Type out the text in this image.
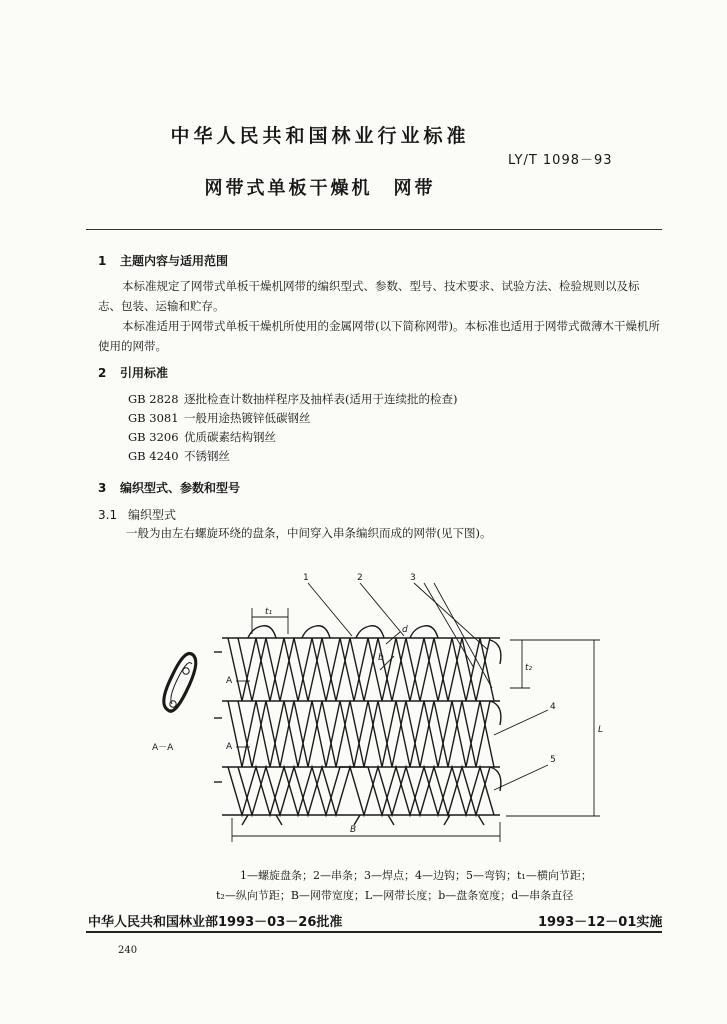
中华人民共和国林业行业标准
LY/T 1098－93
网带式单板干燥机　网带
1 主题内容与适用范围
本标准规定了网带式单板干燥机网带的编织型式、参数、型号、技术要求、试验方法、检验规则以及标志、包装、运输和贮存。
本标准适用于网带式单板干燥机所使用的金属网带(以下简称网带)。本标准也适用于网带式微薄木干燥机所使用的网带。
2 引用标准
GB 2828 逐批检查计数抽样程序及抽样表(适用于连续批的检查)
GB 3081 一般用途热镀锌低碳钢丝
GB 3206 优质碳素结构钢丝
GB 4240 不锈钢丝
3 编织型式、参数和型号
3.1 编织型式
一般为由左右螺旋环绕的盘条，中间穿入串条编织而成的网带(见下图)。
1	2	3
4
5
t₁
t₂
L
B
b
d
A
A
A－A
1—螺旋盘条；2—串条；3—焊点；4—边钩；5—弯钩；t₁—横向节距；
t₂—纵向节距；B—网带宽度；L—网带长度；b—盘条宽度；d—串条直径
中华人民共和国林业部1993－03－26批准	1993－12－01实施
240
